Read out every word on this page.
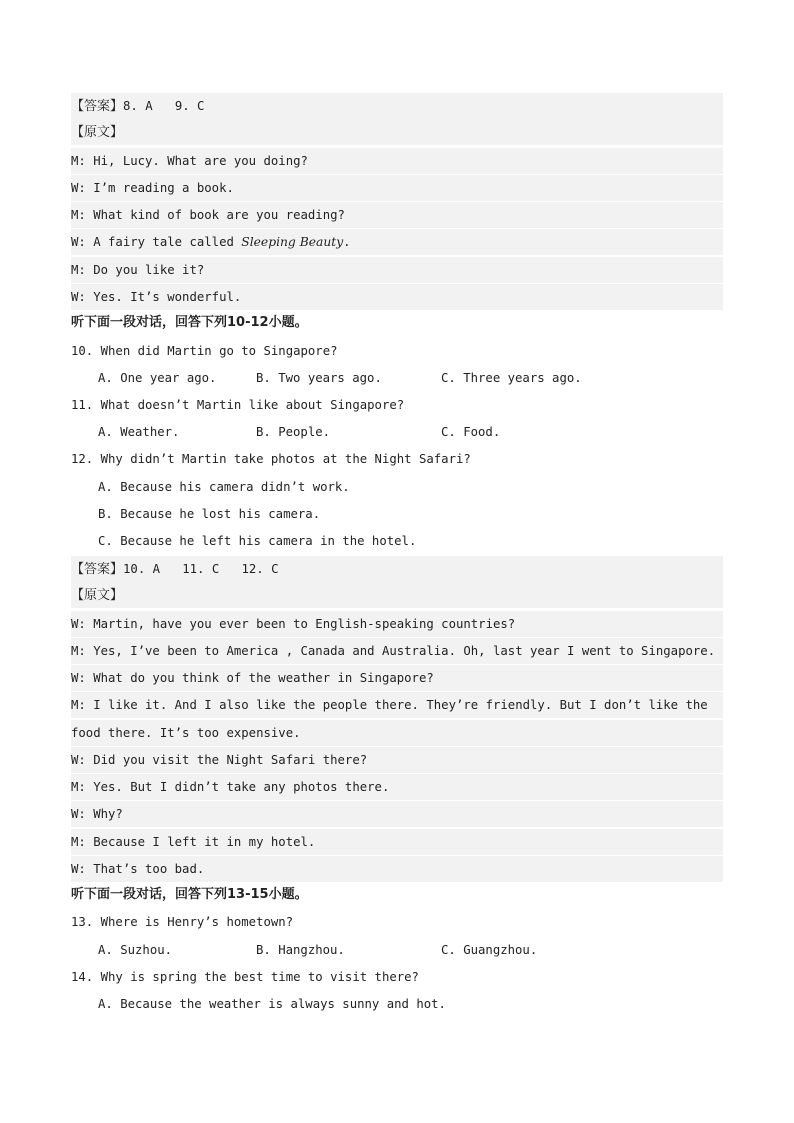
【答案】8. A   9. C
【原文】
M: Hi, Lucy. What are you doing?
W: I’m reading a book.
M: What kind of book are you reading?
W: A fairy tale called Sleeping Beauty.
M: Do you like it?
W: Yes. It’s wonderful.
听下面一段对话，回答下列10-12小题。
10. When did Martin go to Singapore?
A. One year ago.	B. Two years ago.	C. Three years ago.
11. What doesn’t Martin like about Singapore?
A. Weather.	B. People.	C. Food.
12. Why didn’t Martin take photos at the Night Safari?
A. Because his camera didn’t work.
B. Because he lost his camera.
C. Because he left his camera in the hotel.
【答案】10. A   11. C   12. C
【原文】
W: Martin, have you ever been to English-speaking countries?
M: Yes, I’ve been to America , Canada and Australia. Oh, last year I went to Singapore.
W: What do you think of the weather in Singapore?
M: I like it. And I also like the people there. They’re friendly. But I don’t like the
food there. It’s too expensive.
W: Did you visit the Night Safari there?
M: Yes. But I didn’t take any photos there.
W: Why?
M: Because I left it in my hotel.
W: That’s too bad.
听下面一段对话，回答下列13-15小题。
13. Where is Henry’s hometown?
A. Suzhou.	B. Hangzhou.	C. Guangzhou.
14. Why is spring the best time to visit there?
A. Because the weather is always sunny and hot.
